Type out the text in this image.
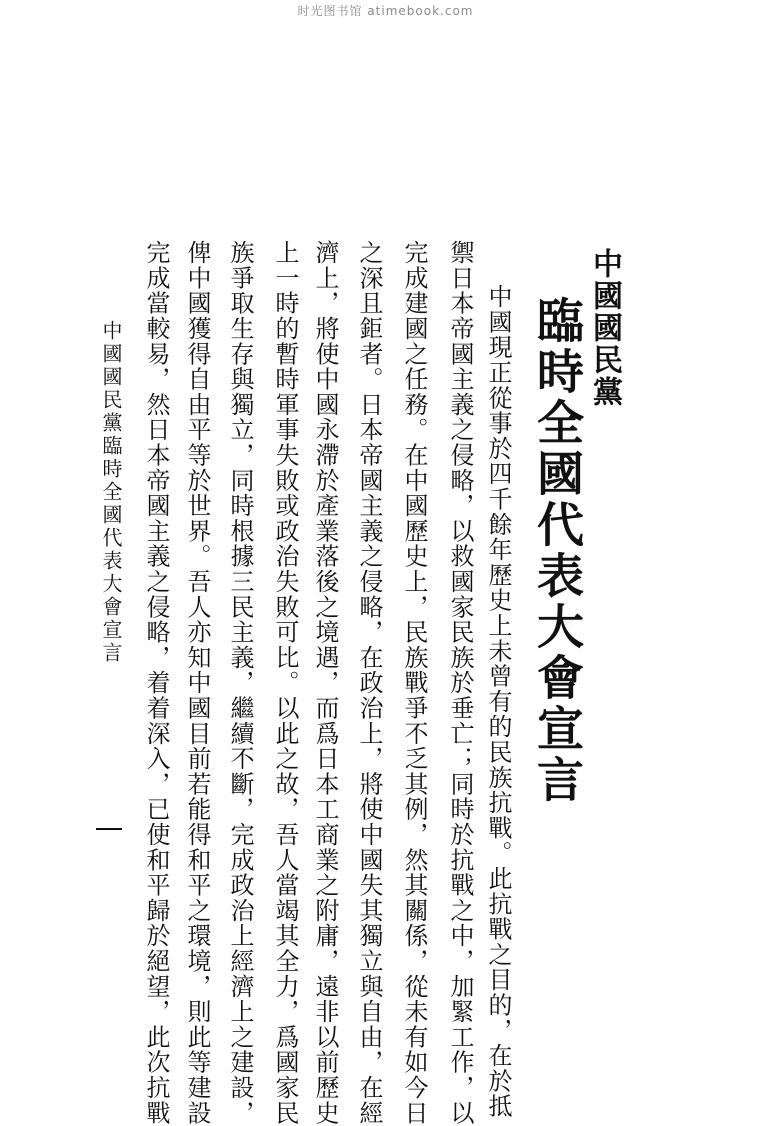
时光图书馆 atimebook.com
中國國民黨
臨時全國代表大會宣言
中國現正從事於四千餘年歷史上未曾有的民族抗戰。此抗戰之目的，在於抵
禦日本帝國主義之侵略，以救國家民族於垂亡；同時於抗戰之中，加緊工作，以
完成建國之任務。在中國歷史上，民族戰爭不乏其例，然其關係，從未有如今日
之深且鉅者。日本帝國主義之侵略，在政治上，將使中國失其獨立與自由，在經
濟上，將使中國永滯於產業落後之境遇，而爲日本工商業之附庸，遠非以前歷史
上一時的暫時軍事失敗或政治失敗可比。以此之故，吾人當竭其全力，爲國家民
族爭取生存與獨立，同時根據三民主義，繼續不斷，完成政治上經濟上之建設，
俾中國獲得自由平等於世界。吾人亦知中國目前若能得和平之環境，則此等建設
完成當較易，然日本帝國主義之侵略，着着深入，已使和平歸於絕望，此次抗戰
中國國民黨臨時全國代表大會宣言
